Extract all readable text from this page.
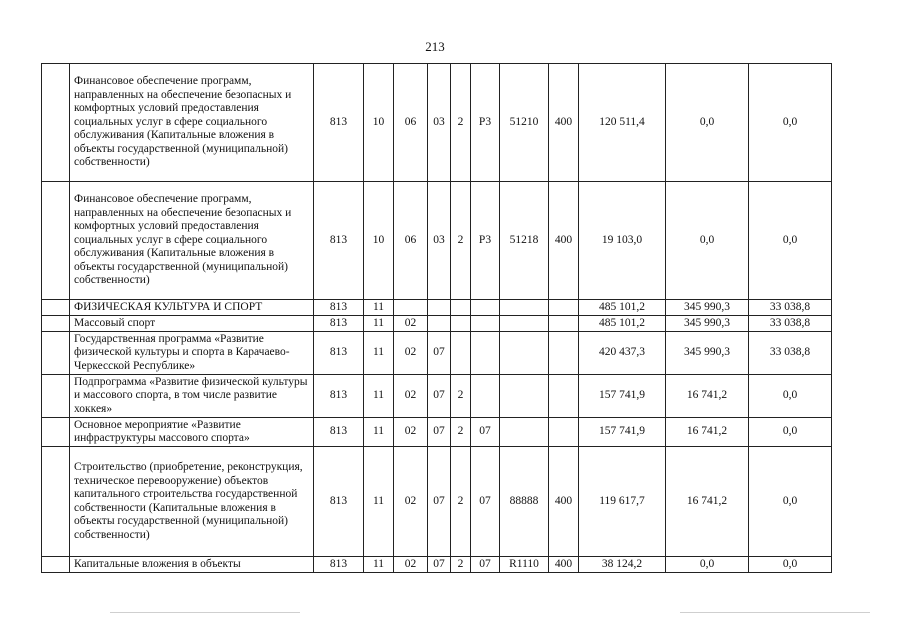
213
	Финансовое обеспечение программ, направленных на обеспечение безопасных и комфортных условий предоставления социальных услуг в сфере социального обслуживания (Капитальные вложения в объекты государственной (муниципальной) собственности)	813	10	06	03	2	P3	51210	400	120 511,4	0,0	0,0
	Финансовое обеспечение программ, направленных на обеспечение безопасных и комфортных условий предоставления социальных услуг в сфере социального обслуживания (Капитальные вложения в объекты государственной (муниципальной) собственности)	813	10	06	03	2	P3	51218	400	19 103,0	0,0	0,0
	ФИЗИЧЕСКАЯ КУЛЬТУРА И СПОРТ	813	11							485 101,2	345 990,3	33 038,8
	Массовый спорт	813	11	02						485 101,2	345 990,3	33 038,8
	Государственная программа «Развитие физической культуры и спорта в Карачаево-Черкесской Республике»	813	11	02	07					420 437,3	345 990,3	33 038,8
	Подпрограмма «Развитие физической культуры и массового спорта, в том числе развитие хоккея»	813	11	02	07	2				157 741,9	16 741,2	0,0
	Основное мероприятие «Развитие инфраструктуры массового спорта»	813	11	02	07	2	07			157 741,9	16 741,2	0,0
	Строительство (приобретение, реконструкция, техническое перевооружение) объектов капитального строительства государственной собственности (Капитальные вложения в объекты государственной (муниципальной) собственности)	813	11	02	07	2	07	88888	400	119 617,7	16 741,2	0,0
	Капитальные вложения в объекты	813	11	02	07	2	07	R1110	400	38 124,2	0,0	0,0
